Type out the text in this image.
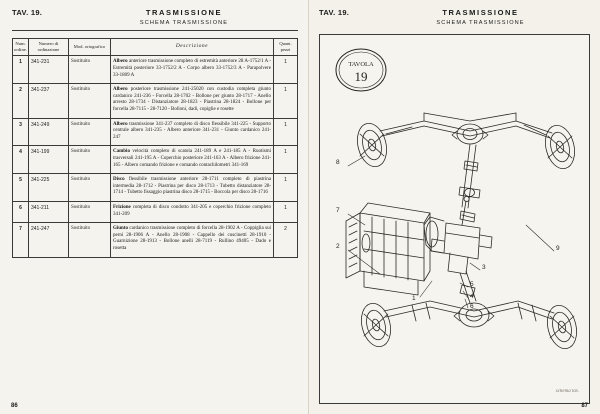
TAV. 19.	TRASMISSIONE
SCHEMA TRASMISSIONE
Num. ordine.	Numero di ordinazione	Mod. ortografico	Descrizione	Quant. pezzi
1	341-231	Sostituito	Albero anteriore trasmissione completo di estremità anteriore 28 A-1752/1 A - Estremità posteriore 33-1752/2 A - Corpo albero 33-1752/3 A - Parapolvere 33-1809 A	1
2	341-237	Sostituito	Albero posteriore trasmissione 241-25020 con custodia completa giunto cardanico 241-236 - Forcella 28-1702 - Bollone per giunto 28-1717 - Anello arresto 28-1734 - Distanziatore 28-1823 - Piastrina 28-1824 - Bollone per forcella 28-7115 - 28-7120 - Bolloni, dadi, copiglie e rosette	1
3	341-249	Sostituito	Albero trasmissione 341-237 completo di disco flessibile 341-225 - Supporto centrale albero 341-235 - Albero anteriore 341-231 - Giunto cardanico 241-247	1
4	341-199	Sostituito	Cambio velocità completo di scatola 241-189 A e 241-185 A - Ruotismi trasversali 241-195 A - Coperchio posteriore 241-163 A - Albero frizione 241-165 - Albero comando frizione e comando contachilometri 341-169	1
5	341-225	Sostituito	Disco flessibile trasmissione anteriore 28-1711 completo di piastrina intermedia 28-1712 - Piastrina per disco 28-1713 - Tubetto distanziatore 28-1714 - Tubetto fissaggio piastrina disco 28-1715 - Boccola per disco 28-1716	1
6	341-211	Sostituito	Frizione completa di disco condotto 341-205 e coperchio frizione completo 341-209	1
7	241-247	Sostituito	Giunto cardanico trasmissione completo di forcella 28-1902 A - Coppiglia sui perni 28-1906 A - Anello 28-1908 - Cappello dei cuscinetti 28-1910 - Guarnizione 28-1913 - Bollone anelli 28-7119 - Rullino 49405 - Dado e rosetta	2
86
TAV. 19.	TRASMISSIONE
SCHEMA TRASMISSIONE
TAVOLA
19
8
7
2
1
3
5
4
6
9
schema tav.
87
